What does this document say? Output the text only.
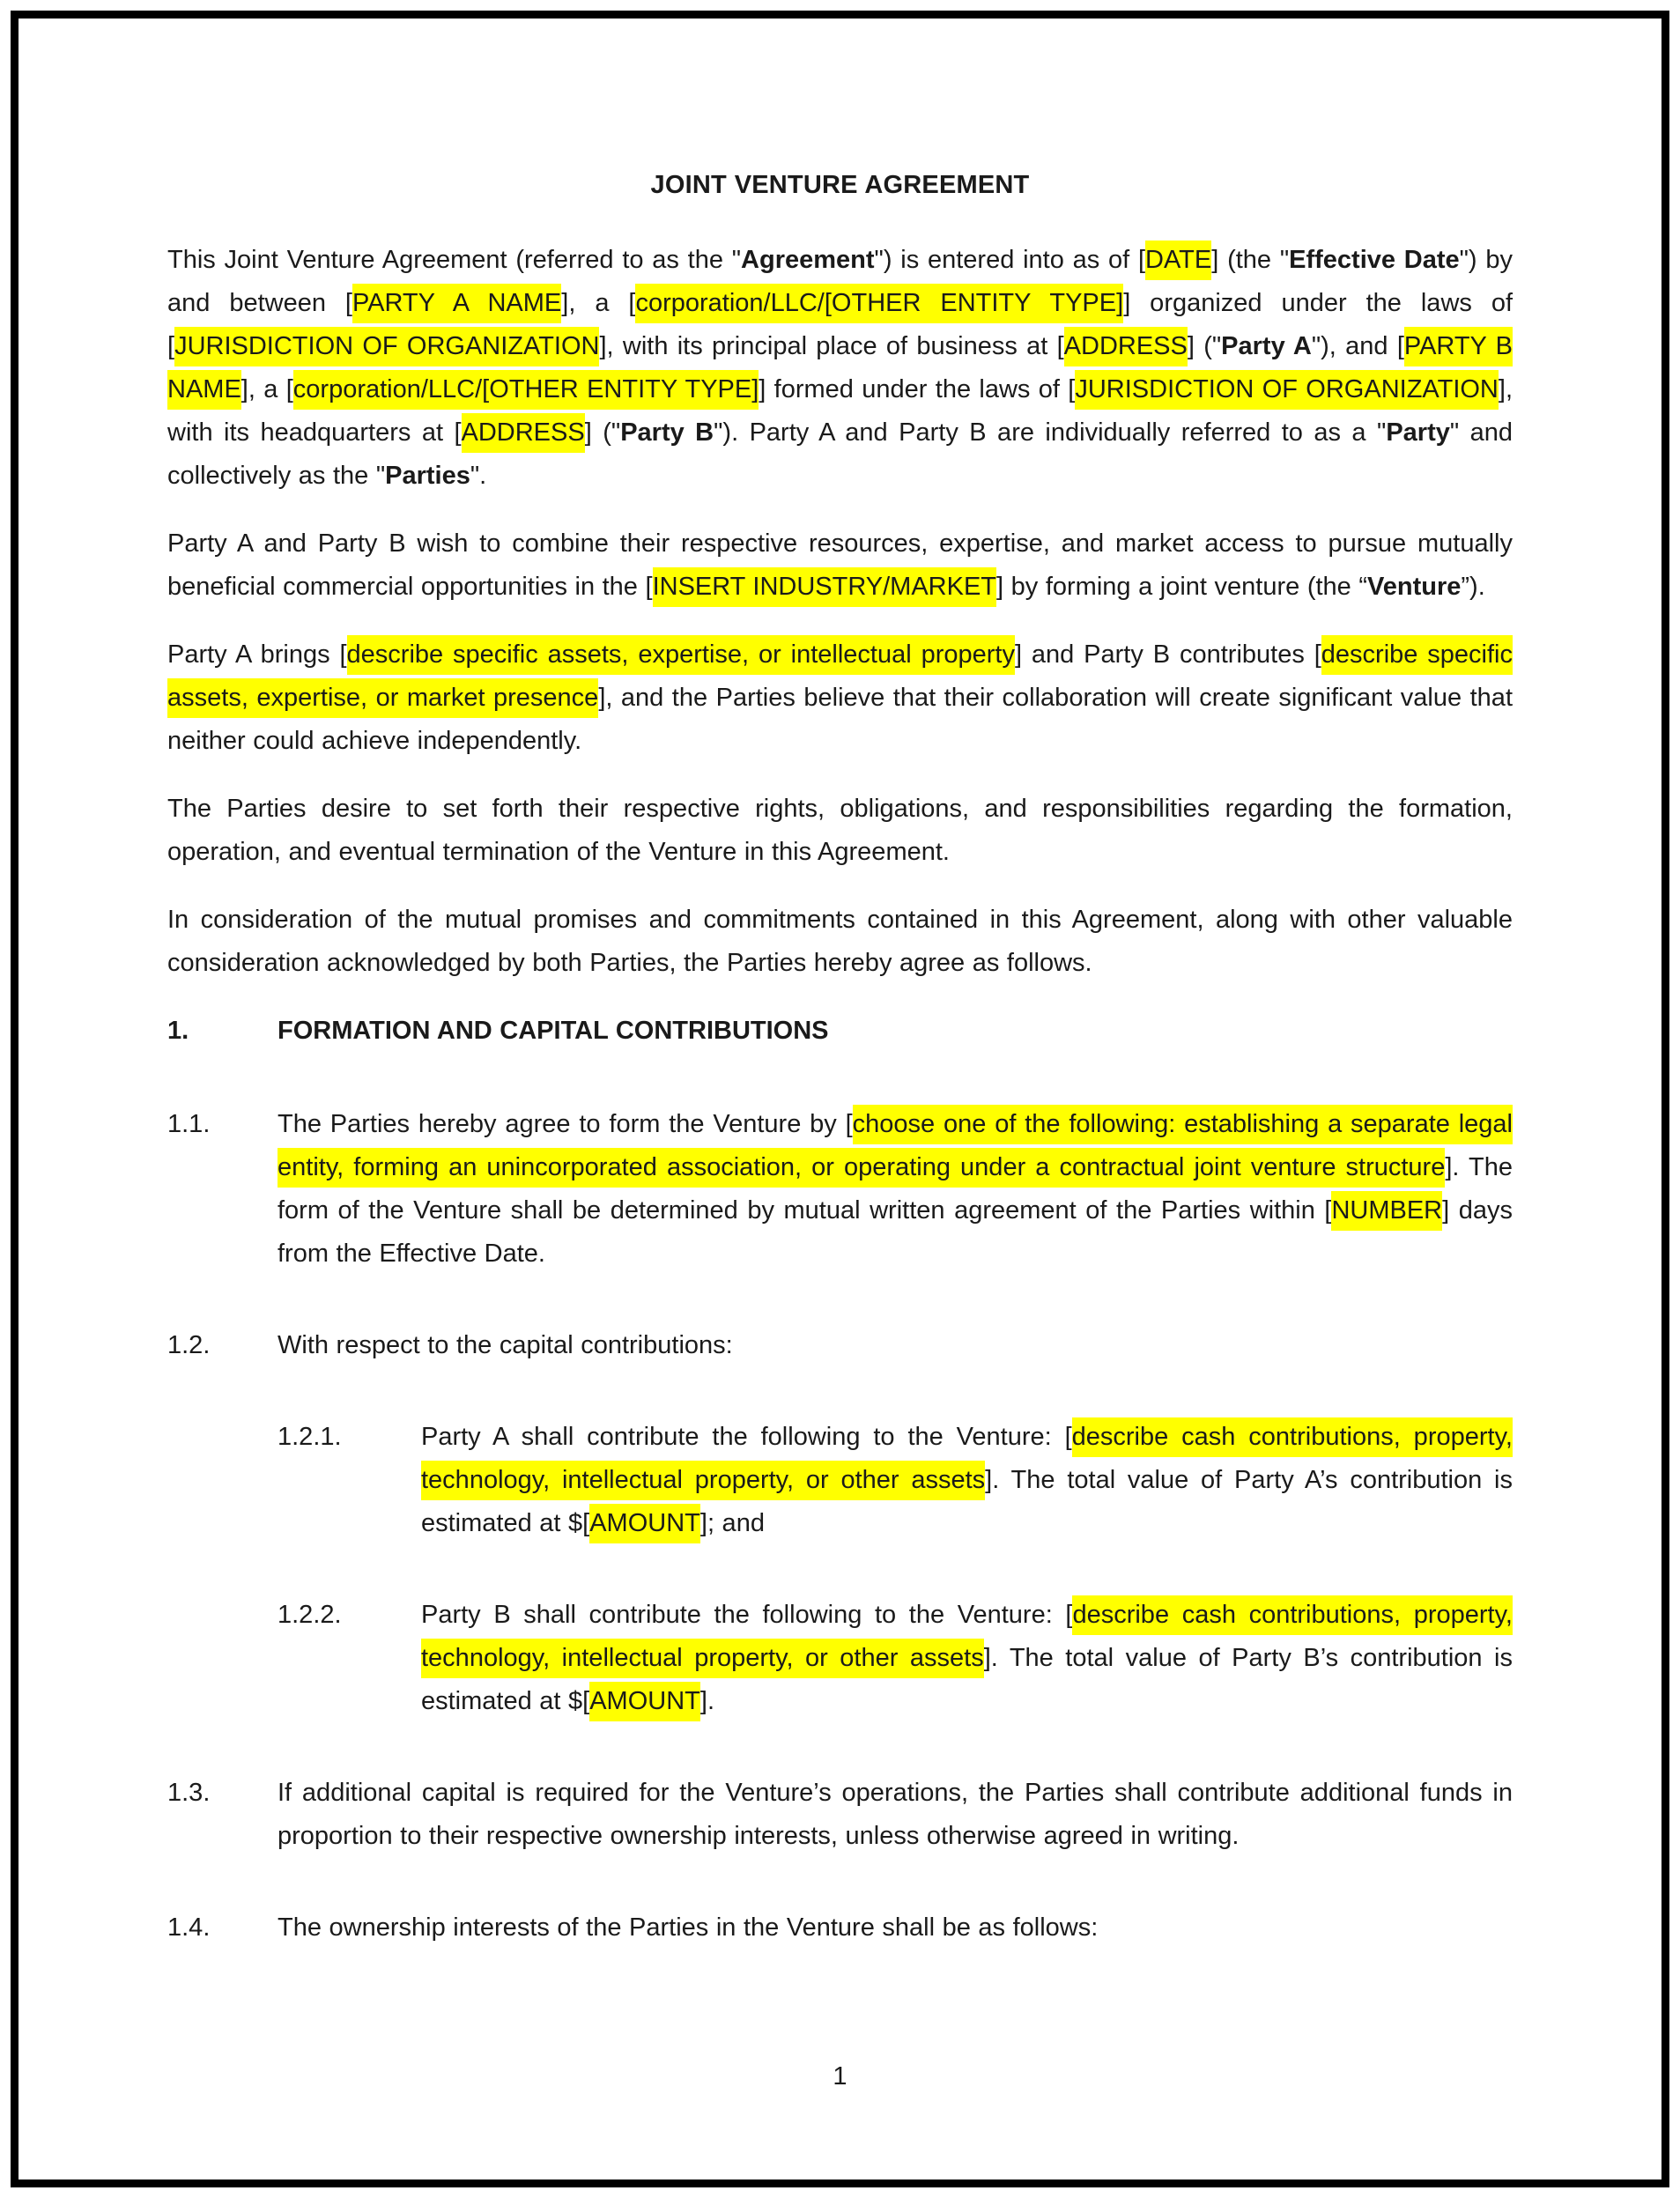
JOINT VENTURE AGREEMENT

This Joint Venture Agreement (referred to as the "Agreement") is entered into as of [DATE] (the "Effective Date") by and between [PARTY A NAME], a [corporation/LLC/[OTHER ENTITY TYPE]] organized under the laws of [JURISDICTION OF ORGANIZATION], with its principal place of business at [ADDRESS] ("Party A"), and [PARTY B NAME], a [corporation/LLC/[OTHER ENTITY TYPE]] formed under the laws of [JURISDICTION OF ORGANIZATION], with its headquarters at [ADDRESS] ("Party B"). Party A and Party B are individually referred to as a "Party" and collectively as the "Parties".

Party A and Party B wish to combine their respective resources, expertise, and market access to pursue mutually beneficial commercial opportunities in the [INSERT INDUSTRY/MARKET] by forming a joint venture (the “Venture”).

Party A brings [describe specific assets, expertise, or intellectual property] and Party B contributes [describe specific assets, expertise, or market presence], and the Parties believe that their collaboration will create significant value that neither could achieve independently.

The Parties desire to set forth their respective rights, obligations, and responsibilities regarding the formation, operation, and eventual termination of the Venture in this Agreement.

In consideration of the mutual promises and commitments contained in this Agreement, along with other valuable consideration acknowledged by both Parties, the Parties hereby agree as follows.

1.	FORMATION AND CAPITAL CONTRIBUTIONS
1.1.	The Parties hereby agree to form the Venture by [choose one of the following: establishing a separate legal entity, forming an unincorporated association, or operating under a contractual joint venture structure]. The form of the Venture shall be determined by mutual written agreement of the Parties within [NUMBER] days from the Effective Date.
1.2.	With respect to the capital contributions:
1.2.1.	Party A shall contribute the following to the Venture: [describe cash contributions, property, technology, intellectual property, or other assets]. The total value of Party A’s contribution is estimated at $[AMOUNT]; and
1.2.2.	Party B shall contribute the following to the Venture: [describe cash contributions, property, technology, intellectual property, or other assets]. The total value of Party B’s contribution is estimated at $[AMOUNT].
1.3.	If additional capital is required for the Venture’s operations, the Parties shall contribute additional funds in proportion to their respective ownership interests, unless otherwise agreed in writing.
1.4.	The ownership interests of the Parties in the Venture shall be as follows:
1
